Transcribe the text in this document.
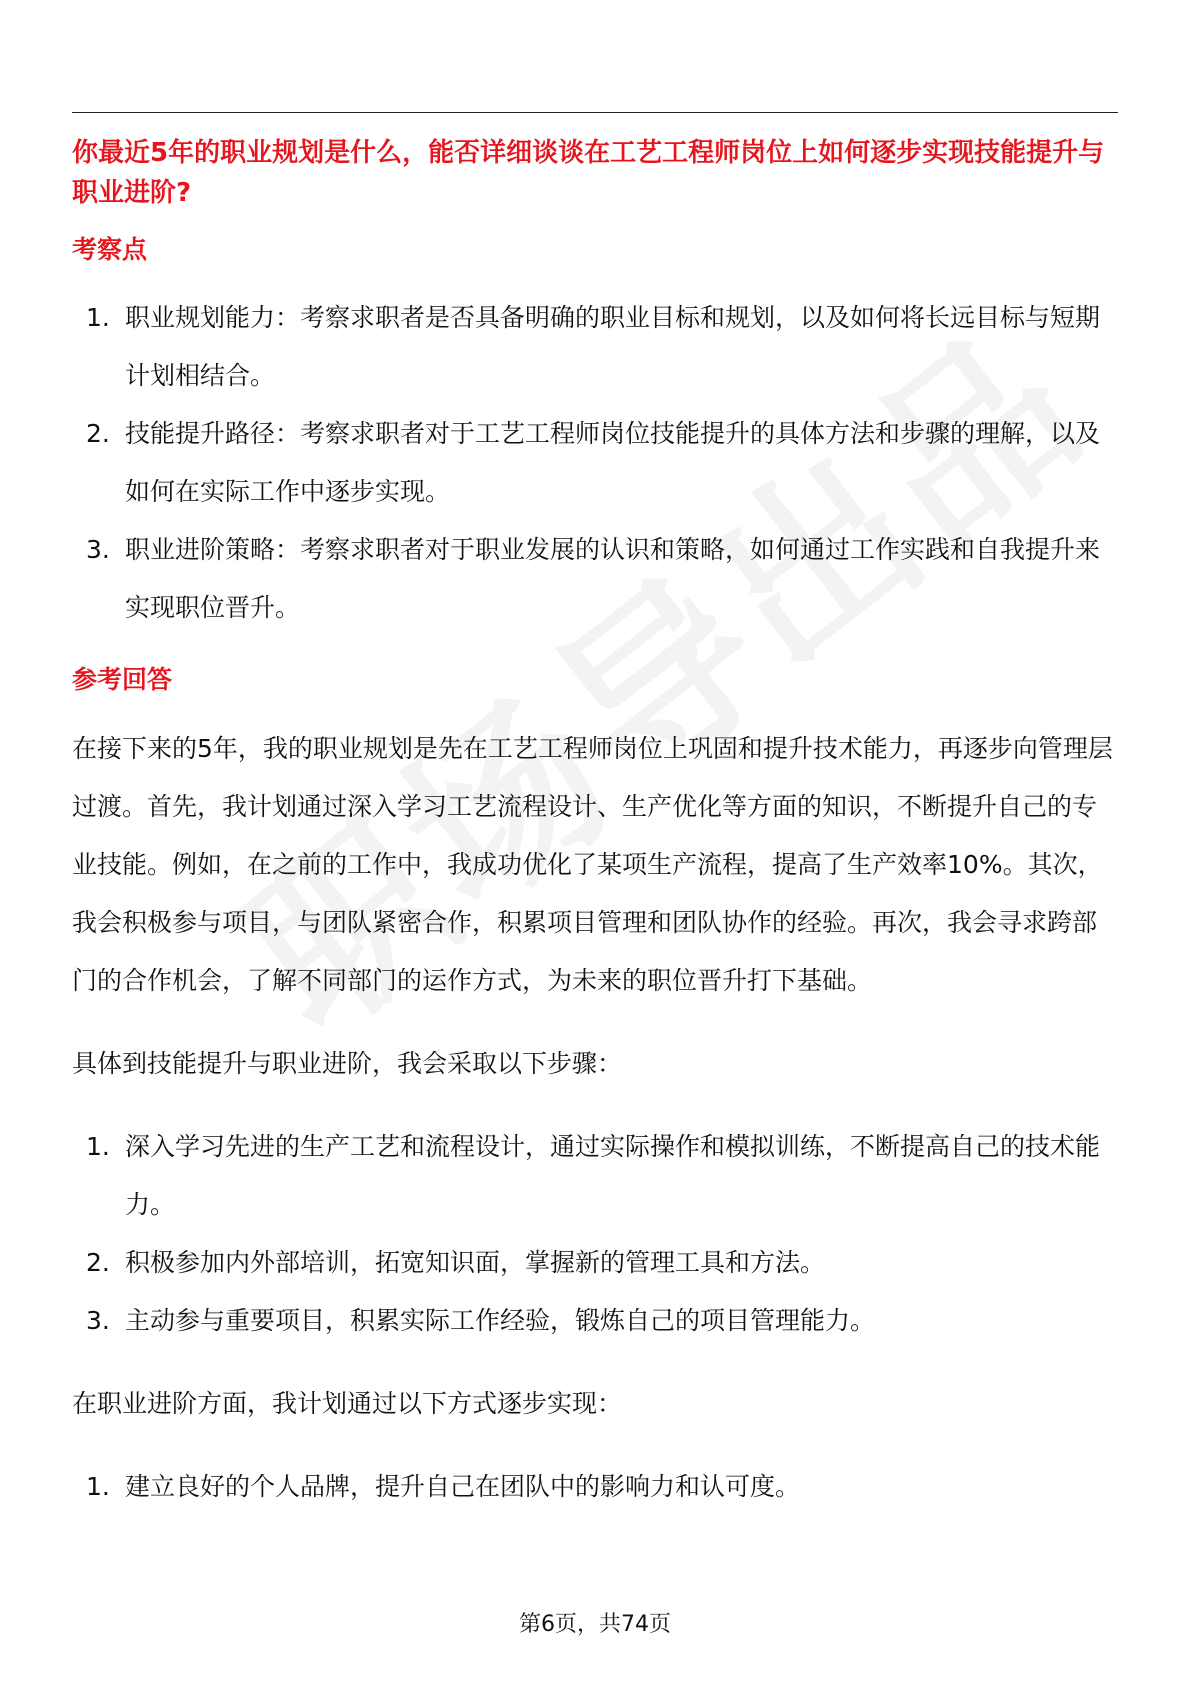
你最近5年的职业规划是什么，能否详细谈谈在工艺工程师岗位上如何逐步实现技能提升与职业进阶?
考察点
1. 职业规划能力：考察求职者是否具备明确的职业目标和规划，以及如何将长远目标与短期计划相结合。
2. 技能提升路径：考察求职者对于工艺工程师岗位技能提升的具体方法和步骤的理解，以及如何在实际工作中逐步实现。
3. 职业进阶策略：考察求职者对于职业发展的认识和策略，如何通过工作实践和自我提升来实现职位晋升。
参考回答

在接下来的5年，我的职业规划是先在工艺工程师岗位上巩固和提升技术能力，再逐步向管理层过渡。首先，我计划通过深入学习工艺流程设计、生产优化等方面的知识，不断提升自己的专业技能。例如，在之前的工作中，我成功优化了某项生产流程，提高了生产效率10%。其次，我会积极参与项目，与团队紧密合作，积累项目管理和团队协作的经验。再次，我会寻求跨部门的合作机会，了解不同部门的运作方式，为未来的职位晋升打下基础。

具体到技能提升与职业进阶，我会采取以下步骤：

1. 深入学习先进的生产工艺和流程设计，通过实际操作和模拟训练，不断提高自己的技术能力。
2. 积极参加内外部培训，拓宽知识面，掌握新的管理工具和方法。
3. 主动参与重要项目，积累实际工作经验，锻炼自己的项目管理能力。

在职业进阶方面，我计划通过以下方式逐步实现：

1. 建立良好的个人品牌，提升自己在团队中的影响力和认可度。
第6页，共74页
